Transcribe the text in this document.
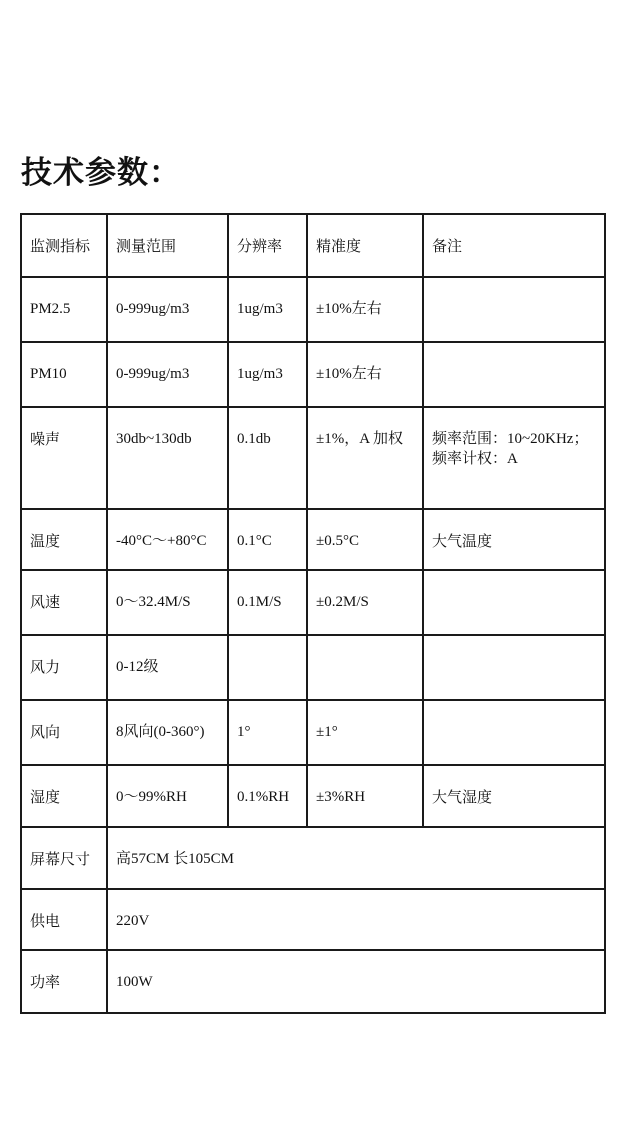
技术参数：
监测指标	测量范围	分辨率	精准度	备注
PM2.5	0-999ug/m3	1ug/m3	±10%左右	
PM10	0-999ug/m3	1ug/m3	±10%左右	
噪声	30db~130db	0.1db	±1%，A 加权	频率范围：10~20KHz；频率计权：A
温度	-40°C～+80°C	0.1°C	±0.5°C	大气温度
风速	0～32.4M/S	0.1M/S	±0.2M/S	
风力	0-12级			
风向	8风向(0-360°)	1°	±1°	
湿度	0～99%RH	0.1%RH	±3%RH	大气湿度
屏幕尺寸	高57CM 长105CM			
供电	220V			
功率	100W			
